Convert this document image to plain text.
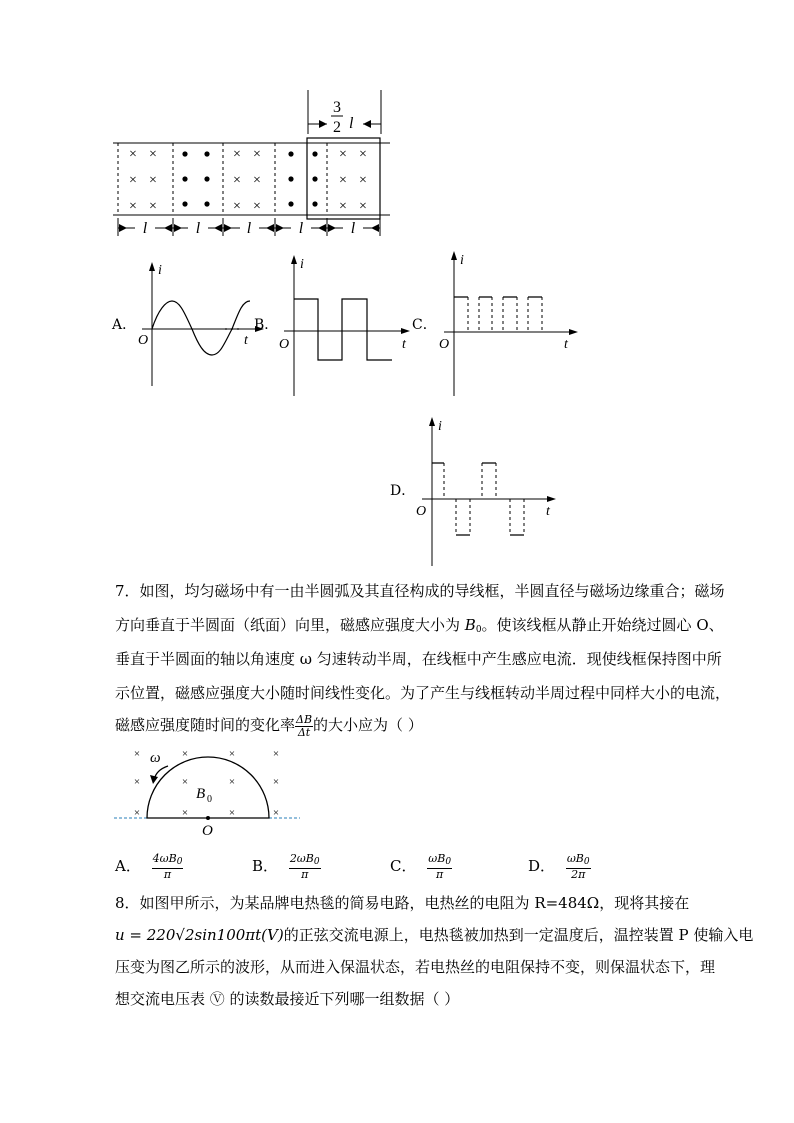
3
2 l
× ×
× ×
× ×
× ×
× ×
× ×
× ×
× ×
× ×
l	l	l	l	l
A．
i
t
O
B．
i
t
O
C．
i
t
O
D．
i
t
O
7．如图，均匀磁场中有一由半圆弧及其直径构成的导线框，半圆直径与磁场边缘重合；磁场
方向垂直于半圆面（纸面）向里，磁感应强度大小为 $B_0$。使该线框从静止开始绕过圆心 O、
垂直于半圆面的轴以角速度 ω 匀速转动半周，在线框中产生感应电流．现使线框保持图中所
示位置，磁感应强度大小随时间线性变化。为了产生与线框转动半周过程中同样大小的电流，
磁感应强度随时间的变化率 $\frac{\Delta B}{\Delta t}$ 的大小应为（ ）
×	×	×	×
×	×	×	×
×	×	×	×
ω
B 0
O
A． $\frac{4\omega B_0}{\pi}$	B． $\frac{2\omega B_0}{\pi}$	C． $\frac{\omega B_0}{\pi}$	D． $\frac{\omega B_0}{2\pi}$
8．如图甲所示，为某品牌电热毯的简易电路，电热丝的电阻为 R=484Ω，现将其接在
u = 220√2sin100πt(V)的正弦交流电源上，电热毯被加热到一定温度后，温控装置 P 使输入电
压变为图乙所示的波形，从而进入保温状态，若电热丝的电阻保持不变，则保温状态下，理
想交流电压表 Ⓥ 的读数最接近下列哪一组数据（ ）
